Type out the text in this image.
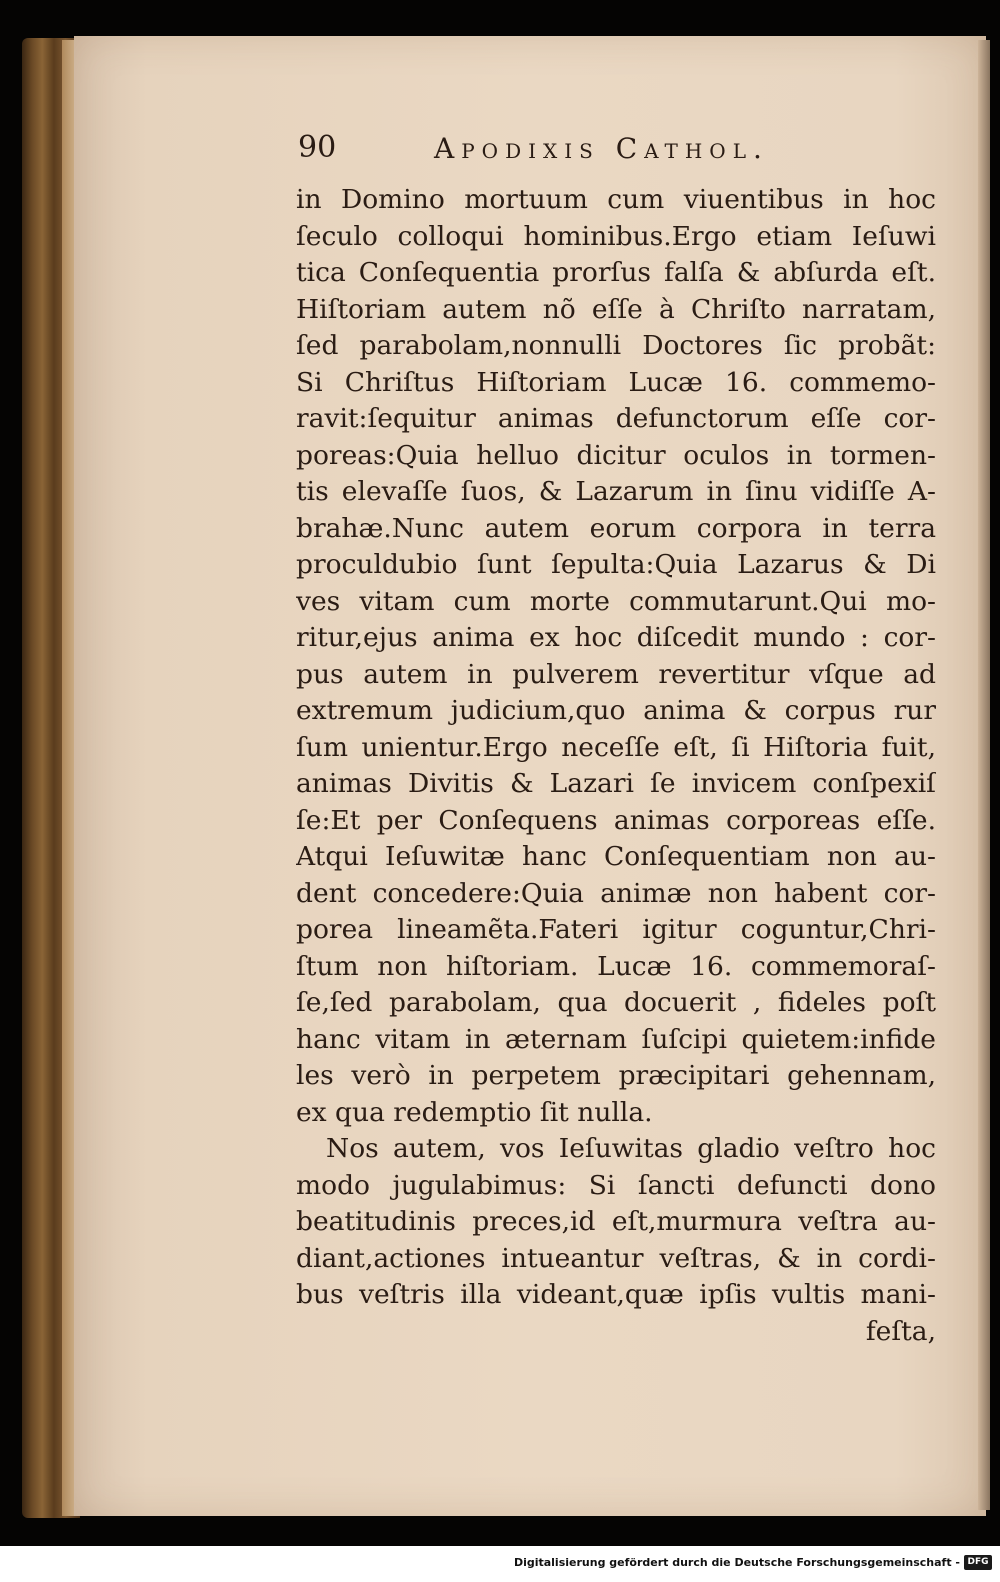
90	Apodixis Cathol.
in Domino mortuum cum viuentibus in hoc
ſeculo colloqui hominibus.Ergo etiam Ieſuwi
tica Conſequentia prorſus falſa & abſurda eſt.
Hiſtoriam autem nõ eſſe à Chriſto narratam,
ſed parabolam,nonnulli Doctores ſic probãt:
Si Chriſtus Hiſtoriam Lucæ 16. commemo-
ravit:ſequitur animas defunctorum eſſe cor-
poreas:Quia helluo dicitur oculos in tormen-
tis elevaſſe ſuos, & Lazarum in ſinu vidiſſe A-
brahæ.Nunc autem eorum corpora in terra
proculdubio ſunt ſepulta:Quia Lazarus & Di
ves vitam cum morte commutarunt.Qui mo-
ritur,ejus anima ex hoc diſcedit mundo : cor-
pus autem in pulverem revertitur vſque ad
extremum judicium,quo anima & corpus rur
ſum unientur.Ergo neceſſe eſt, ſi Hiſtoria fuit,
animas Divitis & Lazari ſe invicem conſpexiſ
ſe:Et per Conſequens animas corporeas eſſe.
Atqui Ieſuwitæ hanc Conſequentiam non au-
dent concedere:Quia animæ non habent cor-
porea lineamẽta.Fateri igitur coguntur,Chri-
ſtum non hiſtoriam. Lucæ 16. commemoraſ-
ſe,ſed parabolam, qua docuerit , fideles poſt
hanc vitam in æternam ſuſcipi quietem:infide
les verò in perpetem præcipitari gehennam,
ex qua redemptio ſit nulla.
Nos autem, vos Ieſuwitas gladio veſtro hoc
modo jugulabimus: Si ſancti defuncti dono
beatitudinis preces,id eſt,murmura veſtra au-
diant,actiones intueantur veſtras, & in cordi-
bus veſtris illa videant,quæ ipſis vultis mani-
feſta,
Digitalisierung gefördert durch die Deutsche Forschungsgemeinschaft - DFG
